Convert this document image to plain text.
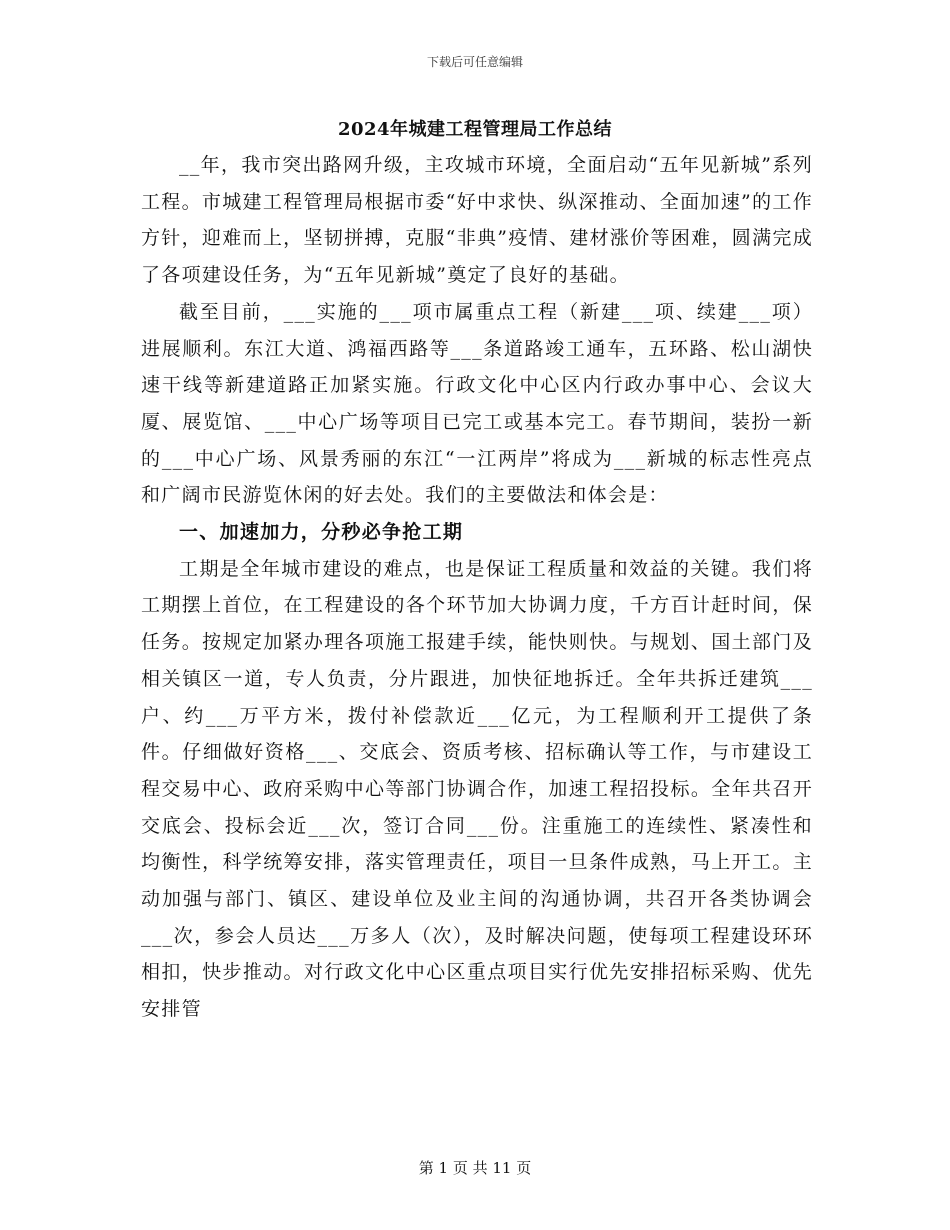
下载后可任意编辑
2024年城建工程管理局工作总结

__年，我市突出路网升级，主攻城市环境，全面启动“五年见新城”系列工程。市城建工程管理局根据市委“好中求快、纵深推动、全面加速”的工作方针，迎难而上，坚韧拼搏，克服“非典”疫情、建材涨价等困难，圆满完成了各项建设任务，为“五年见新城”奠定了良好的基础。

截至目前，___实施的___项市属重点工程（新建___项、续建___项）进展顺利。东江大道、鸿福西路等___条道路竣工通车，五环路、松山湖快速干线等新建道路正加紧实施。行政文化中心区内行政办事中心、会议大厦、展览馆、___中心广场等项目已完工或基本完工。春节期间，装扮一新的___中心广场、风景秀丽的东江“一江两岸”将成为___新城的标志性亮点和广阔市民游览休闲的好去处。我们的主要做法和体会是：

一、加速加力，分秒必争抢工期

工期是全年城市建设的难点，也是保证工程质量和效益的关键。我们将工期摆上首位，在工程建设的各个环节加大协调力度，千方百计赶时间，保任务。按规定加紧办理各项施工报建手续，能快则快。与规划、国土部门及相关镇区一道，专人负责，分片跟进，加快征地拆迁。全年共拆迁建筑___户、约___万平方米，拨付补偿款近___亿元，为工程顺利开工提供了条件。仔细做好资格___、交底会、资质考核、招标确认等工作，与市建设工程交易中心、政府采购中心等部门协调合作，加速工程招投标。全年共召开交底会、投标会近___次，签订合同___份。注重施工的连续性、紧凑性和均衡性，科学统筹安排，落实管理责任，项目一旦条件成熟，马上开工。主动加强与部门、镇区、建设单位及业主间的沟通协调，共召开各类协调会___次，参会人员达___万多人（次），及时解决问题，使每项工程建设环环相扣，快步推动。对行政文化中心区重点项目实行优先安排招标采购、优先安排管

第 1 页 共 11 页
